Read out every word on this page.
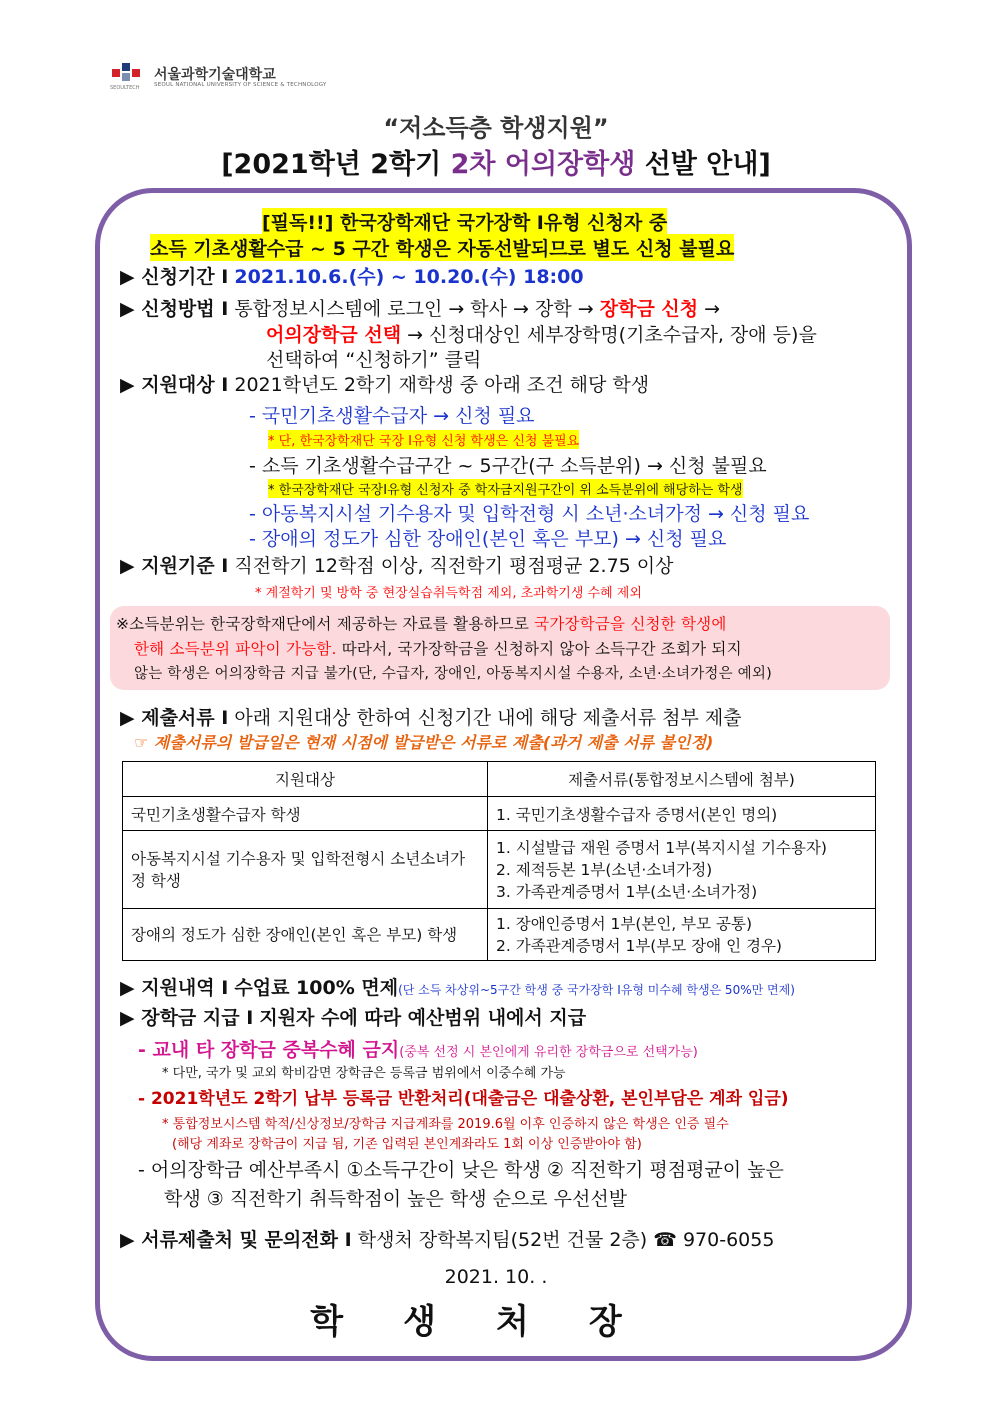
서울과학기술대학교
SEOUL NATIONAL UNIVERSITY OF SCIENCE & TECHNOLOGY
SEOULTECH
“저소득층 학생지원”
[2021학년 2학기 2차 어의장학생 선발 안내]
[필독!!] 한국장학재단 국가장학 Ⅰ유형 신청자 중
소득 기초생활수급 ~ 5 구간 학생은 자동선발되므로 별도 신청 불필요
▶ 신청기간 Ⅰ 2021.10.6.(수) ~ 10.20.(수) 18:00
▶ 신청방법 Ⅰ 통합정보시스템에 로그인 → 학사 → 장학 → 장학금 신청 →
어의장학금 선택 → 신청대상인 세부장학명(기초수급자, 장애 등)을
선택하여 “신청하기” 클릭
▶ 지원대상 Ⅰ 2021학년도 2학기 재학생 중 아래 조건 해당 학생
- 국민기초생활수급자 → 신청 필요
* 단, 한국장학재단 국장 Ⅰ유형 신청 학생은 신청 불필요
- 소득 기초생활수급구간 ~ 5구간(구 소득분위) → 신청 불필요
* 한국장학재단 국장Ⅰ유형 신청자 중 학자금지원구간이 위 소득분위에 해당하는 학생
- 아동복지시설 기수용자 및 입학전형 시 소년·소녀가정 → 신청 필요
- 장애의 정도가 심한 장애인(본인 혹은 부모) → 신청 필요
▶ 지원기준 Ⅰ 직전학기 12학점 이상, 직전학기 평점평균 2.75 이상
* 계절학기 및 방학 중 현장실습취득학점 제외, 초과학기생 수혜 제외
※소득분위는 한국장학재단에서 제공하는 자료를 활용하므로 국가장학금을 신청한 학생에
한해 소득분위 파악이 가능함. 따라서, 국가장학금을 신청하지 않아 소득구간 조회가 되지
않는 학생은 어의장학금 지급 불가(단, 수급자, 장애인, 아동복지시설 수용자, 소년·소녀가정은 예외)
▶ 제출서류 Ⅰ 아래 지원대상 한하여 신청기간 내에 해당 제출서류 첨부 제출
☞ 제출서류의 발급일은 현재 시점에 발급받은 서류로 제출(과거 제출 서류 불인정)
지원대상	제출서류(통합정보시스템에 첨부)
국민기초생활수급자 학생	1. 국민기초생활수급자 증명서(본인 명의)

아동복지시설 기수용자 및 입학전형시 소년소녀가정 학생	1. 시설발급 재원 증명서 1부(복지시설 기수용자)
2. 제적등본 1부(소년·소녀가정)
3. 가족관계증명서 1부(소년·소녀가정)

장애의 정도가 심한 장애인(본인 혹은 부모) 학생	1. 장애인증명서 1부(본인, 부모 공통)
2. 가족관계증명서 1부(부모 장애 인 경우)
▶ 지원내역 Ⅰ 수업료 100% 면제(단 소득 차상위~5구간 학생 중 국가장학 Ⅰ유형 미수혜 학생은 50%만 면제)
▶ 장학금 지급 Ⅰ 지원자 수에 따라 예산범위 내에서 지급
- 교내 타 장학금 중복수혜 금지(중복 선정 시 본인에게 유리한 장학금으로 선택가능)
* 다만, 국가 및 교외 학비감면 장학금은 등록금 범위에서 이중수혜 가능
- 2021학년도 2학기 납부 등록금 반환처리(대출금은 대출상환, 본인부담은 계좌 입금)
* 통합정보시스템 학적/신상정보/장학금 지급계좌를 2019.6월 이후 인증하지 않은 학생은 인증 필수
(해당 계좌로 장학금이 지급 됨, 기존 입력된 본인계좌라도 1회 이상 인증받아야 함)
- 어의장학금 예산부족시 ①소득구간이 낮은 학생 ② 직전학기 평점평균이 높은
학생 ③ 직전학기 취득학점이 높은 학생 순으로 우선선발
▶ 서류제출처 및 문의전화 Ⅰ 학생처 장학복지팀(52번 건물 2층) ☎ 970-6055
2021. 10. .
학생처장
